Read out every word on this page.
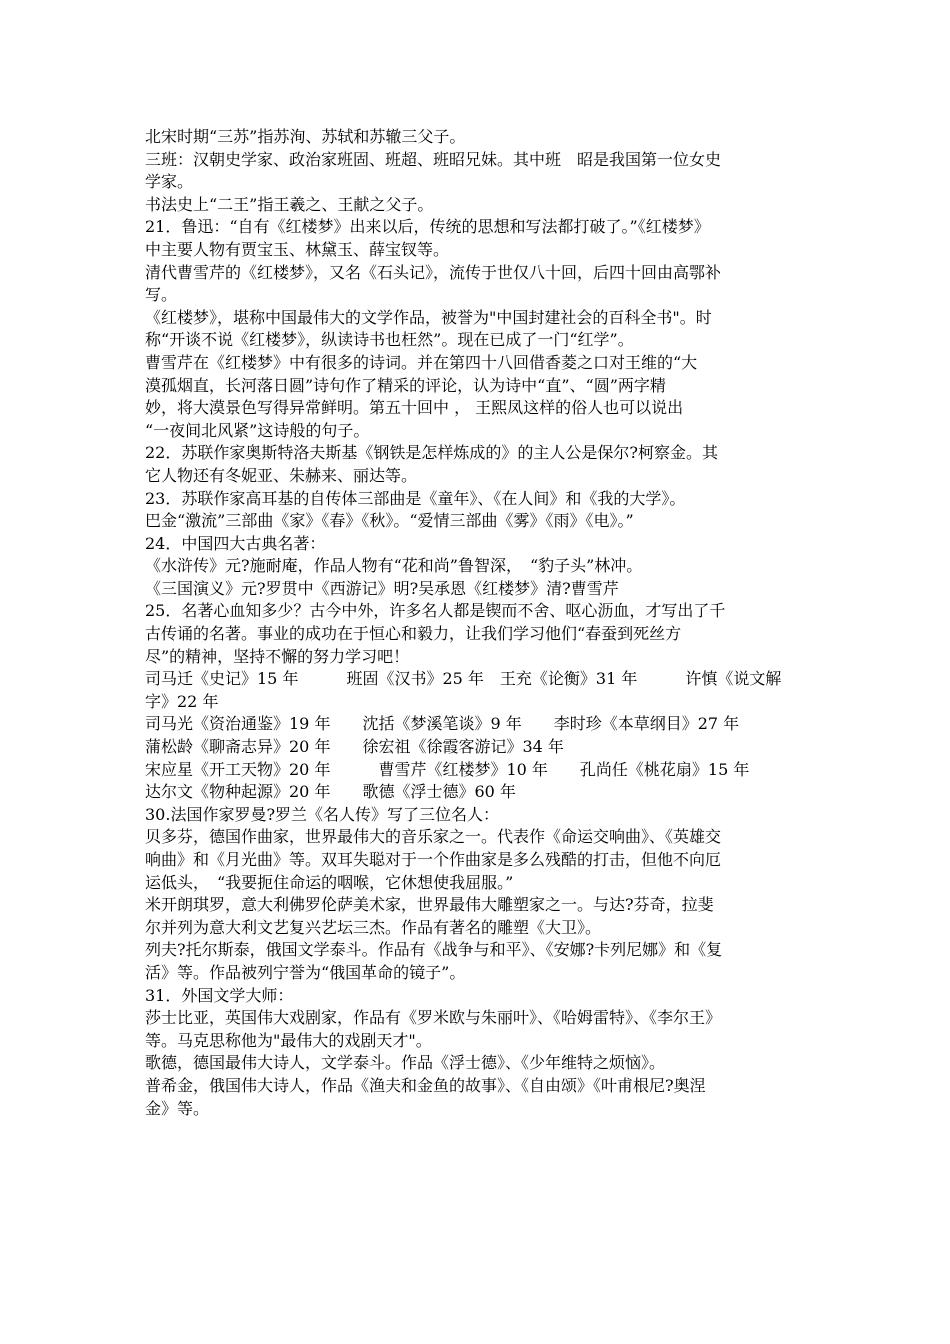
北宋时期“三苏”指苏洵、苏轼和苏辙三父子。
三班：汉朝史学家、政治家班固、班超、班昭兄妹。其中班　昭是我国第一位女史
学家。
书法史上“二王”指王羲之、王献之父子。
21．鲁迅：“自有《红楼梦》出来以后，传统的思想和写法都打破了。”《红楼梦》
中主要人物有贾宝玉、林黛玉、薛宝钗等。
清代曹雪芹的《红楼梦》，又名《石头记》，流传于世仅八十回，后四十回由高鄂补
写。
《红楼梦》，堪称中国最伟大的文学作品，被誉为"中国封建社会的百科全书"。时
称“开谈不说《红楼梦》，纵读诗书也枉然”。现在已成了一门“红学”。
曹雪芹在《红楼梦》中有很多的诗词。并在第四十八回借香菱之口对王维的“大
漠孤烟直，长河落日圆”诗句作了精采的评论，认为诗中“直”、“圆”两字精
妙，将大漠景色写得异常鲜明。第五十回中 ， 王熙凤这样的俗人也可以说出
“一夜间北风紧”这诗般的句子。
22．苏联作家奥斯特洛夫斯基《钢铁是怎样炼成的》的主人公是保尔?柯察金。其
它人物还有冬妮亚、朱赫来、丽达等。
23．苏联作家高耳基的自传体三部曲是《童年》、《在人间》和《我的大学》。
巴金“激流”三部曲《家》《春》《秋》。“爱情三部曲《雾》《雨》《电》。”
24．中国四大古典名著：
《水浒传》元?施耐庵，作品人物有“花和尚”鲁智深，　“豹子头”林冲。
《三国演义》元?罗贯中《西游记》明?吴承恩《红楼梦》清?曹雪芹
25．名著心血知多少？古今中外，许多名人都是锲而不舍、呕心沥血，才写出了千
古传诵的名著。事业的成功在于恒心和毅力，让我们学习他们“春蚕到死丝方
尽”的精神，坚持不懈的努力学习吧！
司马迁《史记》15 年　　　班固《汉书》25 年　王充《论衡》31 年　　　许慎《说文解
字》22 年
司马光《资治通鉴》19 年　　沈括《梦溪笔谈》9 年　　李时珍《本草纲目》27 年
蒲松龄《聊斋志异》20 年　　徐宏祖《徐霞客游记》34 年
宋应星《开工天物》20 年　　　曹雪芹《红楼梦》10 年　　孔尚任《桃花扇》15 年
达尔文《物种起源》20 年　　歌德《浮士德》60 年
30.法国作家罗曼?罗兰《名人传》写了三位名人：
贝多芬，德国作曲家，世界最伟大的音乐家之一。代表作《命运交响曲》、《英雄交
响曲》和《月光曲》等。双耳失聪对于一个作曲家是多么残酷的打击，但他不向厄
运低头，　“我要扼住命运的咽喉，它休想使我屈服。”
米开朗琪罗，意大利佛罗伦萨美术家，世界最伟大雕塑家之一。与达?芬奇，拉斐
尔并列为意大利文艺复兴艺坛三杰。作品有著名的雕塑《大卫》。
列夫?托尔斯泰，俄国文学泰斗。作品有《战争与和平》、《安娜?卡列尼娜》和《复
活》等。作品被列宁誉为“俄国革命的镜子”。
31．外国文学大师：
莎士比亚，英国伟大戏剧家，作品有《罗米欧与朱丽叶》、《哈姆雷特》、《李尔王》
等。马克思称他为"最伟大的戏剧天才"。
歌德，德国最伟大诗人，文学泰斗。作品《浮士德》、《少年维特之烦恼》。
普希金，俄国伟大诗人，作品《渔夫和金鱼的故事》、《自由颂》《叶甫根尼?奥涅
金》等。
